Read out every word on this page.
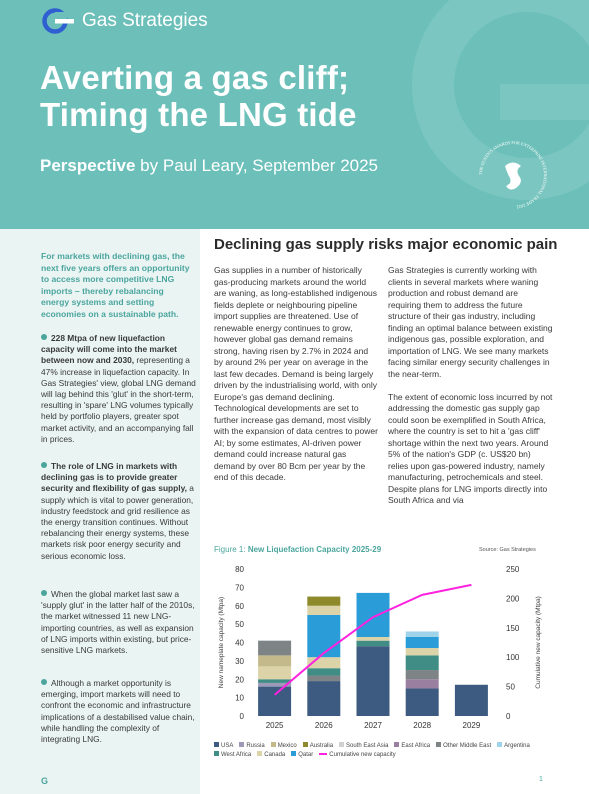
Gas Strategies
Averting a gas cliff;
Timing the LNG tide
Perspective by Paul Leary, September 2025	THE QUEEN'S AWARDS FOR ENTERPRISE INTERNATIONAL TRADE 2022
For markets with declining gas, the next five years offers an opportunity to access more competitive LNG imports – thereby rebalancing energy systems and setting economies on a sustainable path.
228 Mtpa of new liquefaction capacity will come into the market between now and 2030, representing a 47% increase in liquefaction capacity. In Gas Strategies' view, global LNG demand will lag behind this 'glut' in the short-term, resulting in 'spare' LNG volumes typically held by portfolio players, greater spot market activity, and an accompanying fall in prices.
The role of LNG in markets with declining gas is to provide greater security and flexibility of gas supply, a supply which is vital to power generation, industry feedstock and grid resilience as the energy transition continues. Without rebalancing their energy systems, these markets risk poor energy security and serious economic loss.
When the global market last saw a 'supply glut' in the latter half of the 2010s, the market witnessed 11 new LNG-importing countries, as well as expansion of LNG imports within existing, but price-sensitive LNG markets.
Although a market opportunity is emerging, import markets will need to confront the economic and infrastructure implications of a destabilised value chain, while handling the complexity of integrating LNG.
Declining gas supply risks major economic pain
Gas supplies in a number of historically gas-producing markets around the world are waning, as long-established indigenous fields deplete or neighbouring pipeline import supplies are threatened. Use of renewable energy continues to grow, however global gas demand remains strong, having risen by 2.7% in 2024 and by around 2% per year on average in the last few decades. Demand is being largely driven by the industrialising world, with only Europe's gas demand declining. Technological developments are set to further increase gas demand, most visibly with the expansion of data centres to power AI; by some estimates, AI-driven power demand could increase natural gas demand by over 80 Bcm per year by the end of this decade.

Gas Strategies is currently working with clients in several markets where waning production and robust demand are requiring them to address the future structure of their gas industry, including finding an optimal balance between existing indigenous gas, possible exploration, and importation of LNG. We see many markets facing similar energy security challenges in the near-term.

The extent of economic loss incurred by not addressing the domestic gas supply gap could soon be exemplified in South Africa, where the country is set to hit a 'gas cliff' shortage within the next two years. Around 5% of the nation's GDP (c. US$20 bn) relies upon gas-powered industry, namely manufacturing, petrochemicals and steel. Despite plans for LNG imports directly into South Africa and via

Figure 1: New Liquefaction Capacity 2025-29	Source: Gas Strategies
0
10
20
30
40
50
60
70
80
0
50
100
150
200
250
New nameplate capacity (Mtpa)	Cumulative new capacity (Mtpa)
2025	2026	2027	2028	2029
USA Russia Mexico Australia South East Asia East Africa Other Middle East ArgentinaWest Africa Canada Qatar	Cumulative new capacity
G	1
